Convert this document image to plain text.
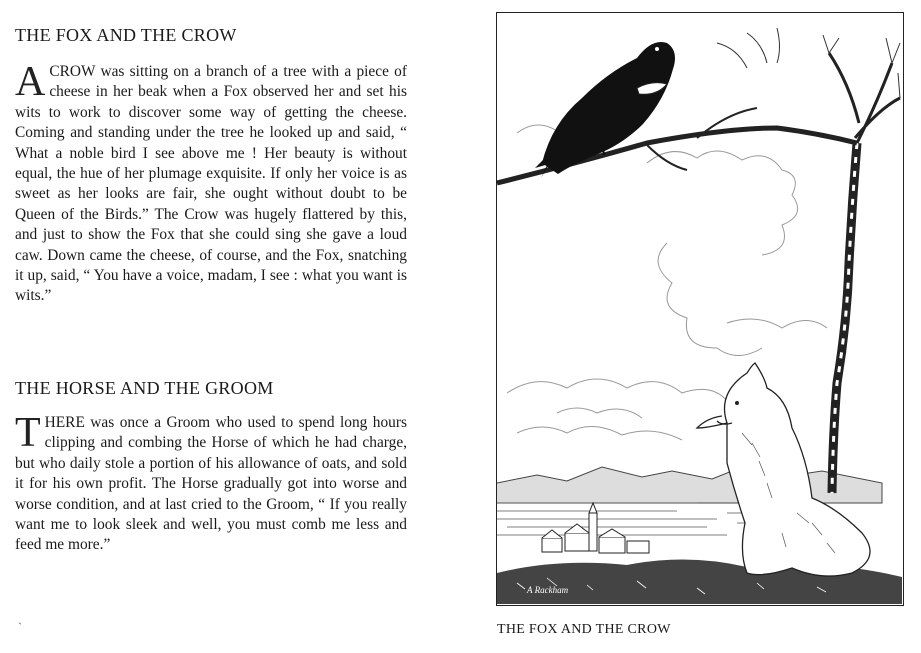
THE FOX AND THE CROW
ACROW was sitting on a branch of a tree with a piece of cheese in her beak when a Fox observed her and set his wits to work to discover some way of getting the cheese. Coming and standing under the tree he looked up and said, “ What a noble bird I see above me ! Her beauty is without equal, the hue of her plumage exquisite. If only her voice is as sweet as her looks are fair, she ought without doubt to be Queen of the Birds.” The Crow was hugely flattered by this, and just to show the Fox that she could sing she gave a loud caw. Down came the cheese, of course, and the Fox, snatching it up, said, “ You have a voice, madam, I see : what you want is wits.”
THE HORSE AND THE GROOM
THERE was once a Groom who used to spend long hours clipping and combing the Horse of which he had charge, but who daily stole a portion of his allowance of oats, and sold it for his own profit. The Horse gradually got into worse and worse condition, and at last cried to the Groom, “ If you really want me to look sleek and well, you must comb me less and feed me more.”
ˏ
A Rackham
THE FOX AND THE CROW
